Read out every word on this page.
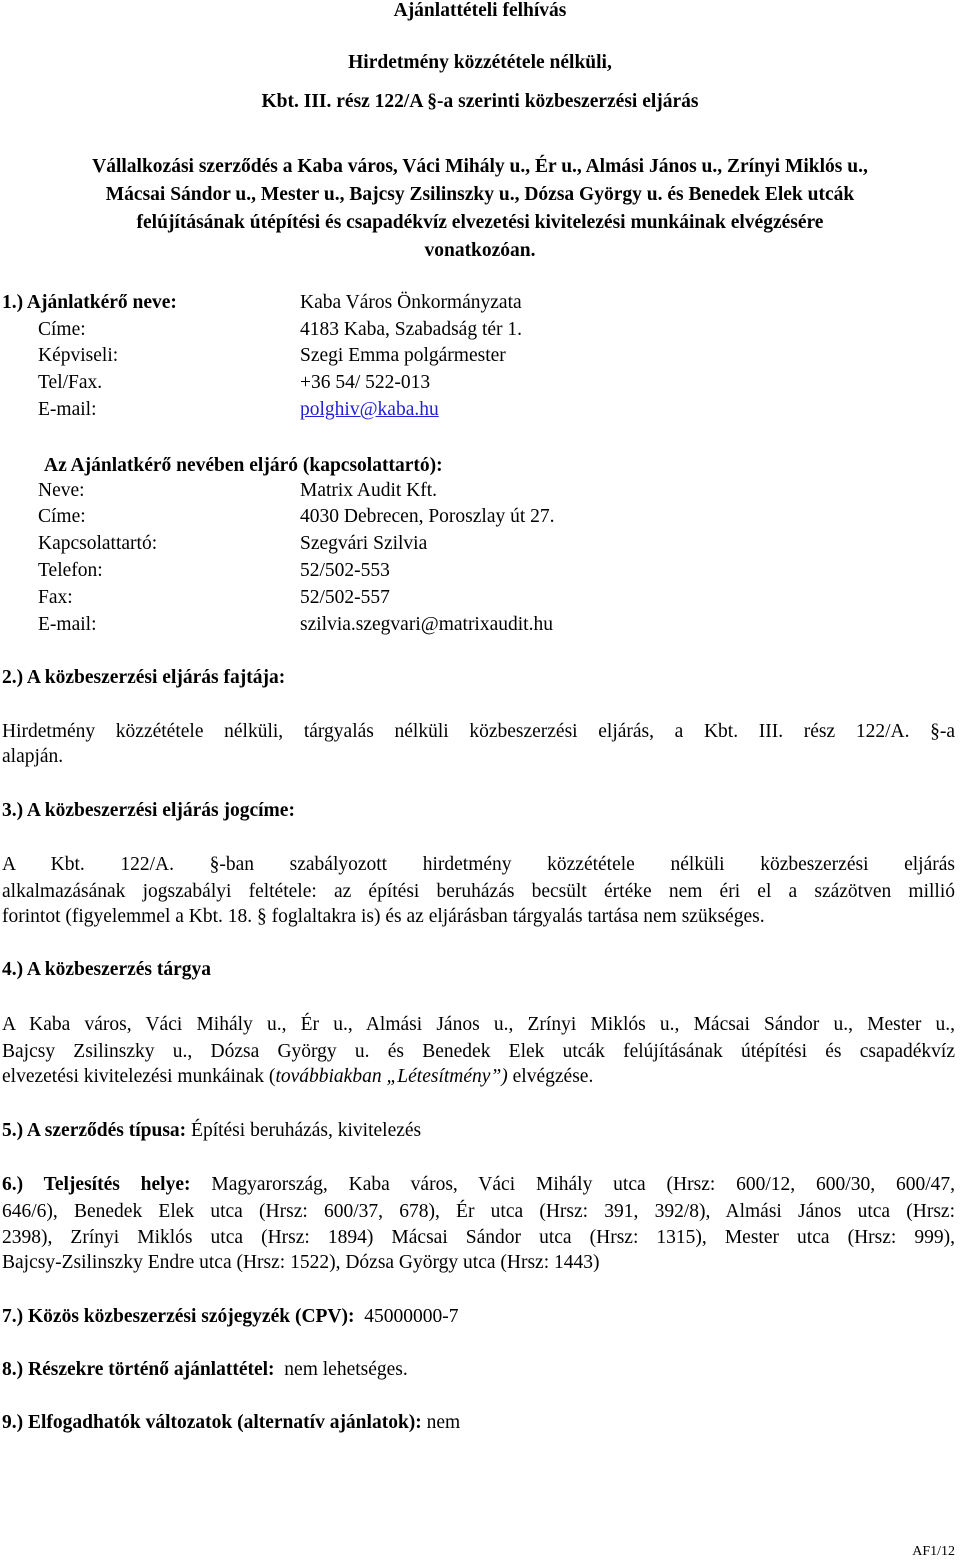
Ajánlattételi felhívás
Hirdetmény közzététele nélküli,
Kbt. III. rész 122/A §-a szerinti közbeszerzési eljárás
Vállalkozási szerződés a Kaba város, Váci Mihály u., Ér u., Almási János u., Zrínyi Miklós u.,
Mácsai Sándor u., Mester u., Bajcsy Zsilinszky u., Dózsa György u. és Benedek Elek utcák
felújításának útépítési és csapadékvíz elvezetési kivitelezési munkáinak elvégzésére
vonatkozóan.
1.) Ajánlatkérő neve:	Kaba Város Önkormányzata
Címe:	4183 Kaba, Szabadság tér 1.
Képviseli:	Szegi Emma polgármester
Tel/Fax.	+36 54/ 522-013
E-mail:	polghiv@kaba.hu
Az Ajánlatkérő nevében eljáró (kapcsolattartó):
Neve:	Matrix Audit Kft.
Címe:	4030 Debrecen, Poroszlay út 27.
Kapcsolattartó:	Szegvári Szilvia
Telefon:	52/502-553
Fax:	52/502-557
E-mail:	szilvia.szegvari@matrixaudit.hu
2.) A közbeszerzési eljárás fajtája:
Hirdetmény közzététele nélküli, tárgyalás nélküli közbeszerzési eljárás, a Kbt. III. rész 122/A. §-a
alapján.
3.) A közbeszerzési eljárás jogcíme:
A Kbt. 122/A. §-ban szabályozott hirdetmény közzététele nélküli közbeszerzési eljárás
alkalmazásának jogszabályi feltétele: az építési beruházás becsült értéke nem éri el a százötven millió
forintot (figyelemmel a Kbt. 18. § foglaltakra is) és az eljárásban tárgyalás tartása nem szükséges.
4.) A közbeszerzés tárgya
A Kaba város, Váci Mihály u., Ér u., Almási János u., Zrínyi Miklós u., Mácsai Sándor u., Mester u.,
Bajcsy Zsilinszky u., Dózsa György u. és Benedek Elek utcák felújításának útépítési és csapadékvíz
elvezetési kivitelezési munkáinak (továbbiakban „Létesítmény”) elvégzése.
5.) A szerződés típusa: Építési beruházás, kivitelezés
6.) Teljesítés helye: Magyarország, Kaba város, Váci Mihály utca (Hrsz: 600/12, 600/30, 600/47,
646/6), Benedek Elek utca (Hrsz: 600/37, 678), Ér utca (Hrsz: 391, 392/8), Almási János utca (Hrsz:
2398), Zrínyi Miklós utca (Hrsz: 1894) Mácsai Sándor utca (Hrsz: 1315), Mester utca (Hrsz: 999),
Bajcsy-Zsilinszky Endre utca (Hrsz: 1522), Dózsa György utca (Hrsz: 1443)
7.) Közös közbeszerzési szójegyzék (CPV):  45000000-7
8.) Részekre történő ajánlattétel:  nem lehetséges.
9.) Elfogadhatók változatok (alternatív ajánlatok): nem
AF1/12
